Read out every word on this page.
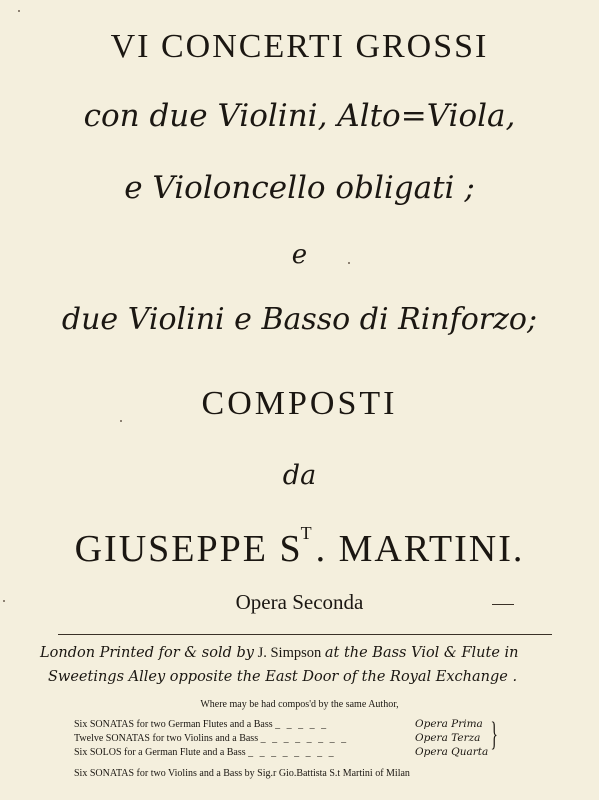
VI CONCERTI GROSSI
con due Violini, Alto=Viola,
e Violoncello obligati ;
e
due Violini e Basso di Rinforzo;
COMPOSTI
da
GIUSEPPE $S^T$. MARTINI.
Opera Seconda
London Printed for & sold by J. Simpson at the Bass Viol & Flute in
Sweetings Alley opposite the East Door of the Royal Exchange .
Where may be had compos'd by the same Author,
Six SONATAS for two German Flutes and a Bass _ _ _ _ _	Opera Prima
Twelve SONATAS for two Violins and a Bass _ _ _ _ _ _ _ _	Opera Terza
Six SOLOS for a German Flute and a Bass _ _ _ _ _ _ _ _	Opera Quarta }
Six SONATAS for two Violins and a Bass by Sig.r Gio.Battista S.t Martini of Milan
